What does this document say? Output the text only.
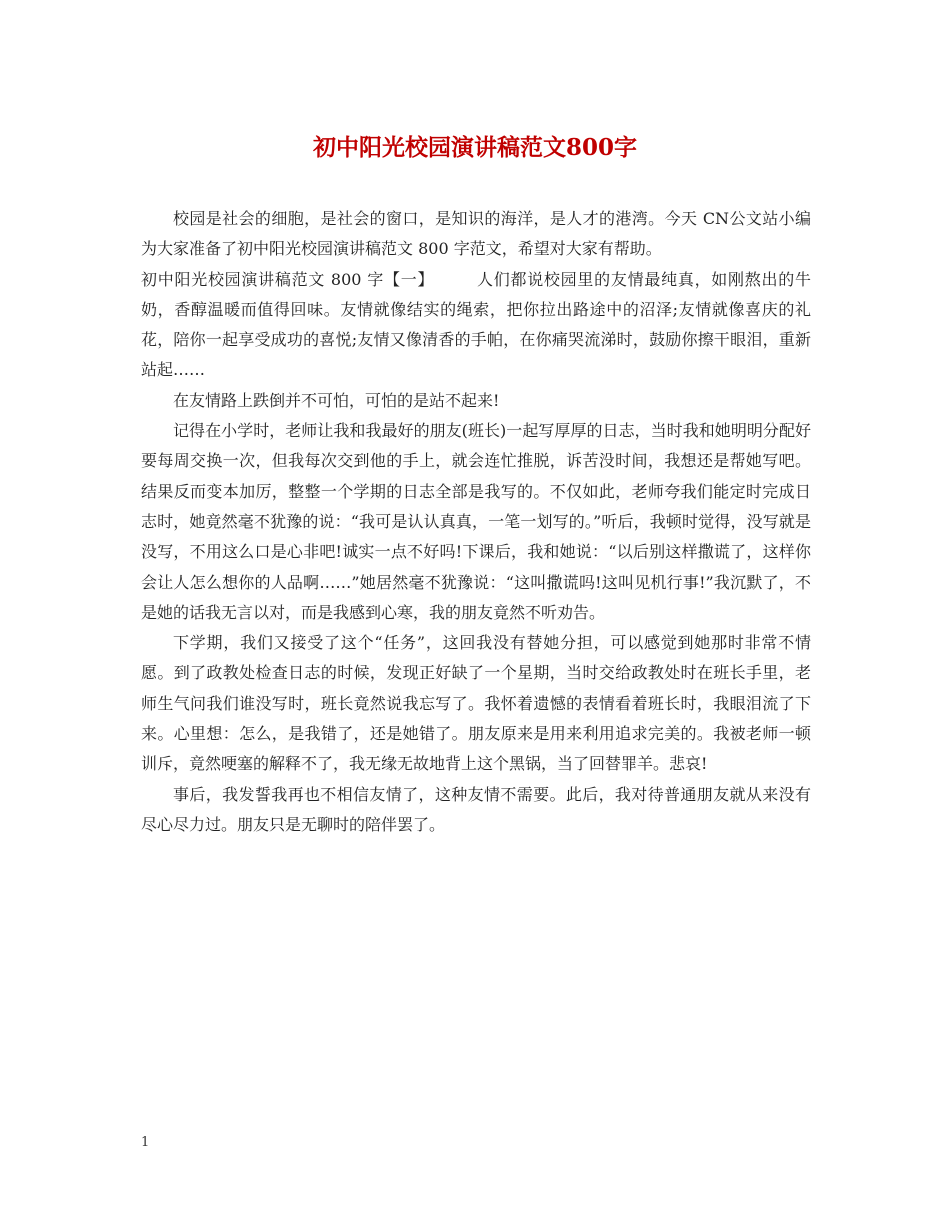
初中阳光校园演讲稿范文800字

校园是社会的细胞，是社会的窗口，是知识的海洋，是人才的港湾。今天 CN公文站小编为大家准备了初中阳光校园演讲稿范文 800 字范文，希望对大家有帮助。

初中阳光校园演讲稿范文 800 字【一】	人们都说校园里的友情最纯真，如刚熬出的牛奶，香醇温暖而值得回味。友情就像结实的绳索，把你拉出路途中的沼泽;友情就像喜庆的礼花，陪你一起享受成功的喜悦;友情又像清香的手帕，在你痛哭流涕时，鼓励你擦干眼泪，重新站起……

在友情路上跌倒并不可怕，可怕的是站不起来!

记得在小学时，老师让我和我最好的朋友(班长)一起写厚厚的日志，当时我和她明明分配好要每周交换一次，但我每次交到他的手上，就会连忙推脱，诉苦没时间，我想还是帮她写吧。结果反而变本加厉，整整一个学期的日志全部是我写的。不仅如此，老师夸我们能定时完成日志时，她竟然毫不犹豫的说：“我可是认认真真，一笔一划写的。”听后，我顿时觉得，没写就是没写，不用这么口是心非吧!诚实一点不好吗!下课后，我和她说：“以后别这样撒谎了，这样你会让人怎么想你的人品啊……”她居然毫不犹豫说：“这叫撒谎吗!这叫见机行事!”我沉默了，不是她的话我无言以对，而是我感到心寒，我的朋友竟然不听劝告。

下学期，我们又接受了这个“任务”，这回我没有替她分担，可以感觉到她那时非常不情愿。到了政教处检查日志的时候，发现正好缺了一个星期，当时交给政教处时在班长手里，老师生气问我们谁没写时，班长竟然说我忘写了。我怀着遗憾的表情看着班长时，我眼泪流了下来。心里想：怎么，是我错了，还是她错了。朋友原来是用来利用追求完美的。我被老师一顿训斥，竟然哽塞的解释不了，我无缘无故地背上这个黑锅，当了回替罪羊。悲哀!

事后，我发誓我再也不相信友情了，这种友情不需要。此后，我对待普通朋友就从来没有尽心尽力过。朋友只是无聊时的陪伴罢了。

1
